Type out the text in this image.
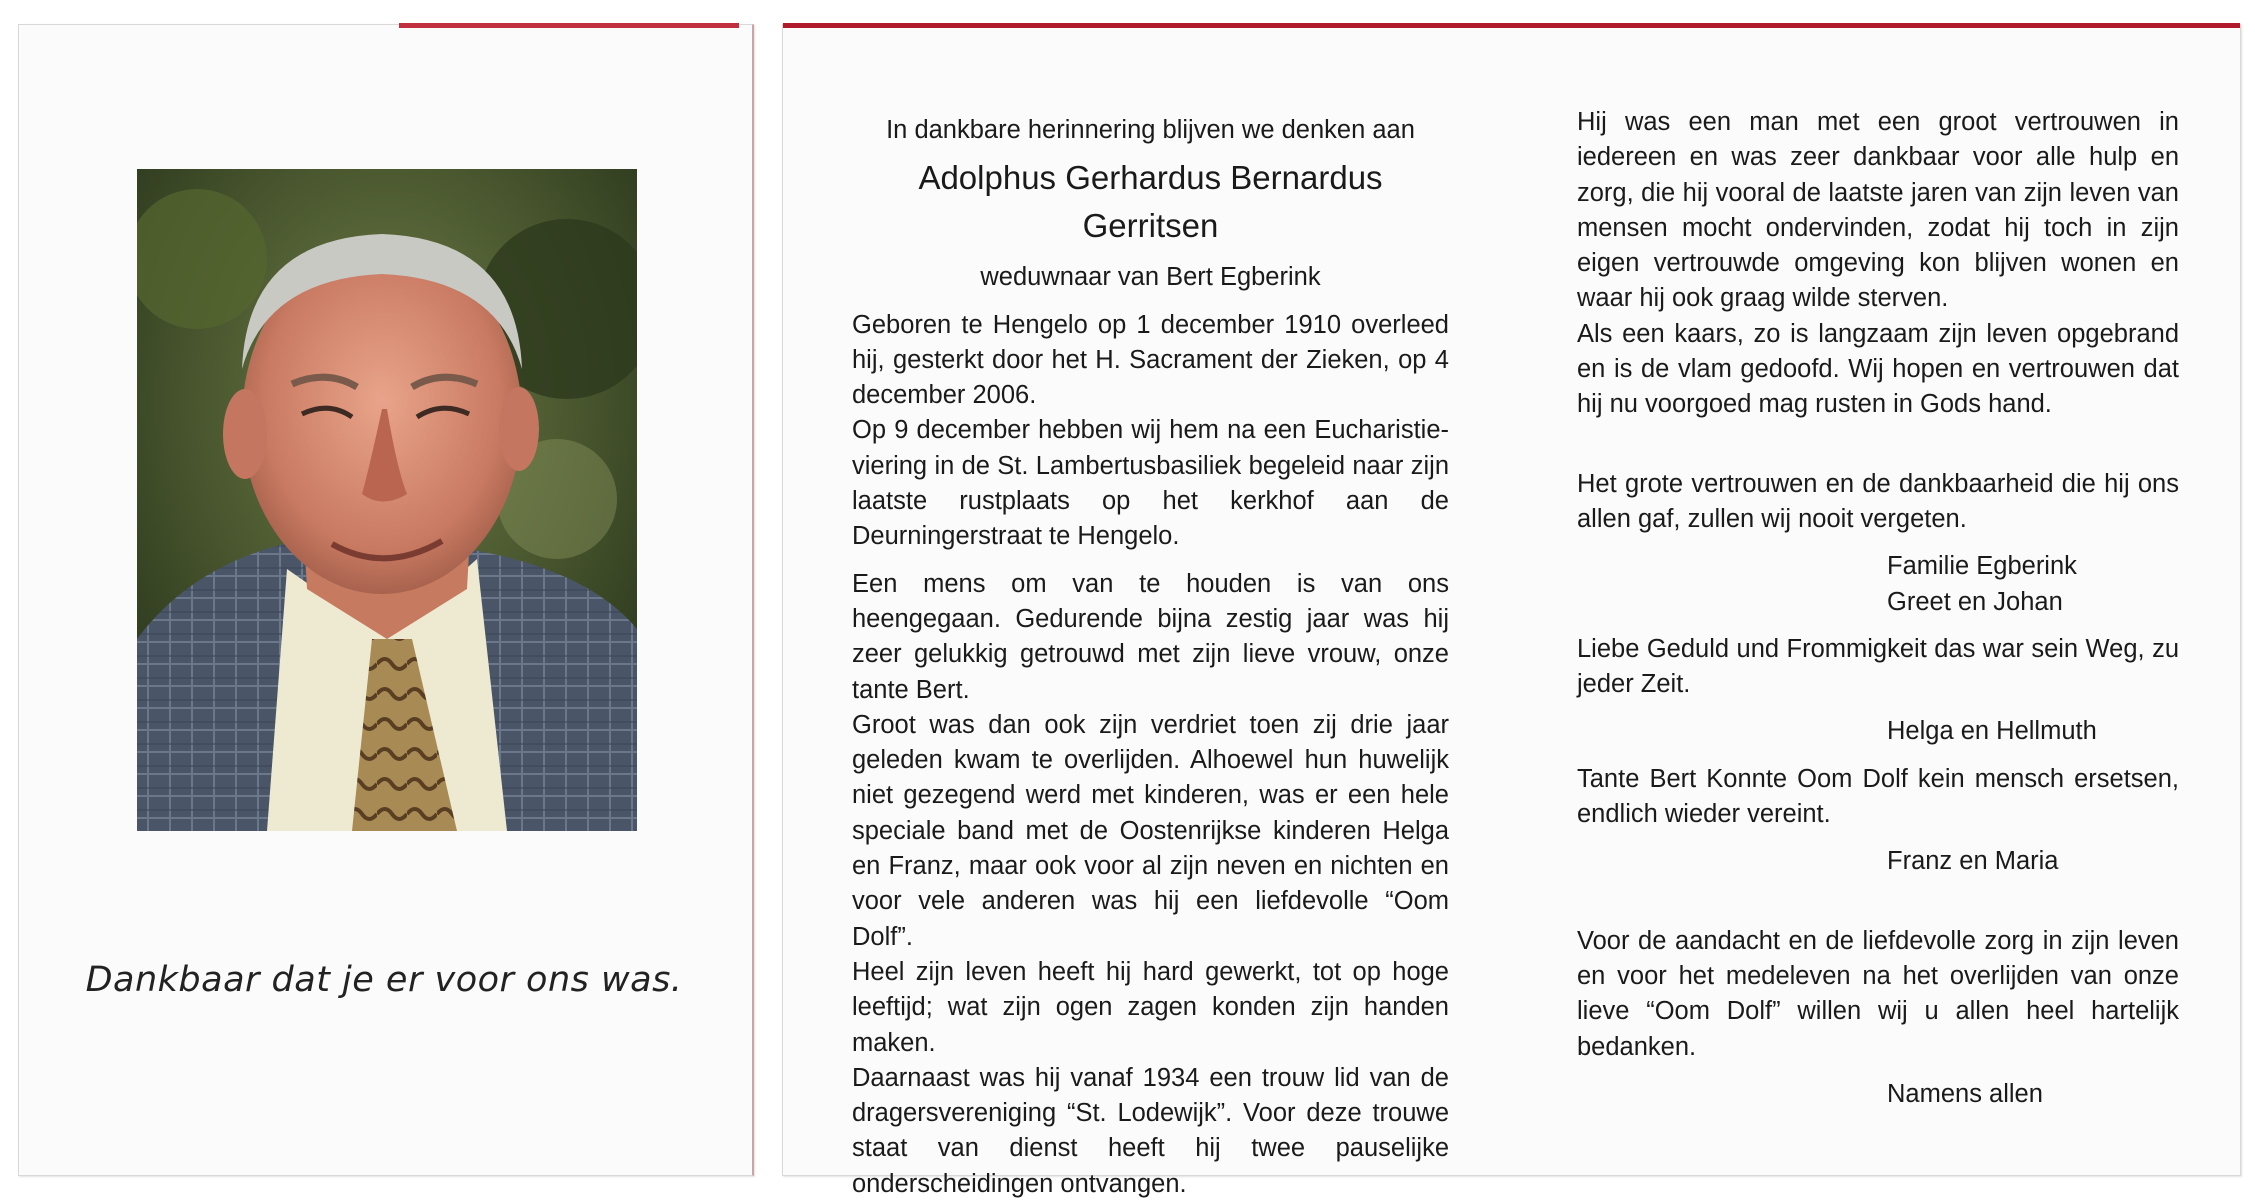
Dankbaar dat je er voor ons was.

In dankbare herinnering blijven we denken aan

Adolphus Gerhardus Bernardus

Gerritsen

weduwnaar van Bert Egberink

Geboren te Hengelo op 1 december 1910 overleed hij, gesterkt door het H. Sacrament der Zieken, op 4 december 2006.

Op 9 december hebben wij hem na een Eucharistie-viering in de St. Lambertusbasiliek begeleid naar zijn laatste rustplaats op het kerkhof aan de Deurningerstraat te Hengelo.

Een mens om van te houden is van ons heengegaan. Gedurende bijna zestig jaar was hij zeer gelukkig getrouwd met zijn lieve vrouw, onze tante Bert.

Groot was dan ook zijn verdriet toen zij drie jaar geleden kwam te overlijden. Alhoewel hun huwelijk niet gezegend werd met kinderen, was er een hele speciale band met de Oostenrijkse kinderen Helga en Franz, maar ook voor al zijn neven en nichten en voor vele anderen was hij een liefdevolle “Oom Dolf”.

Heel zijn leven heeft hij hard gewerkt, tot op hoge leeftijd; wat zijn ogen zagen konden zijn handen maken.

Daarnaast was hij vanaf 1934 een trouw lid van de dragersvereniging “St. Lodewijk”. Voor deze trouwe staat van dienst heeft hij twee pauselijke onderscheidingen ontvangen.

Hij was een man met een groot vertrouwen in iedereen en was zeer dankbaar voor alle hulp en zorg, die hij vooral de laatste jaren van zijn leven van mensen mocht ondervinden, zodat hij toch in zijn eigen vertrouwde omgeving kon blijven wonen en waar hij ook graag wilde sterven.

Als een kaars, zo is langzaam zijn leven opgebrand en is de vlam gedoofd. Wij hopen en vertrouwen dat hij nu voorgoed mag rusten in Gods hand.

Het grote vertrouwen en de dankbaarheid die hij ons allen gaf, zullen wij nooit vergeten.

Familie Egberink

Greet en Johan

Liebe Geduld und Frommigkeit das war sein Weg, zu jeder Zeit.

Helga en Hellmuth

Tante Bert Konnte Oom Dolf kein mensch ersetsen, endlich wieder vereint.

Franz en Maria

Voor de aandacht en de liefdevolle zorg in zijn leven en voor het medeleven na het overlijden van onze lieve “Oom Dolf” willen wij u allen heel hartelijk bedanken.

Namens allen
